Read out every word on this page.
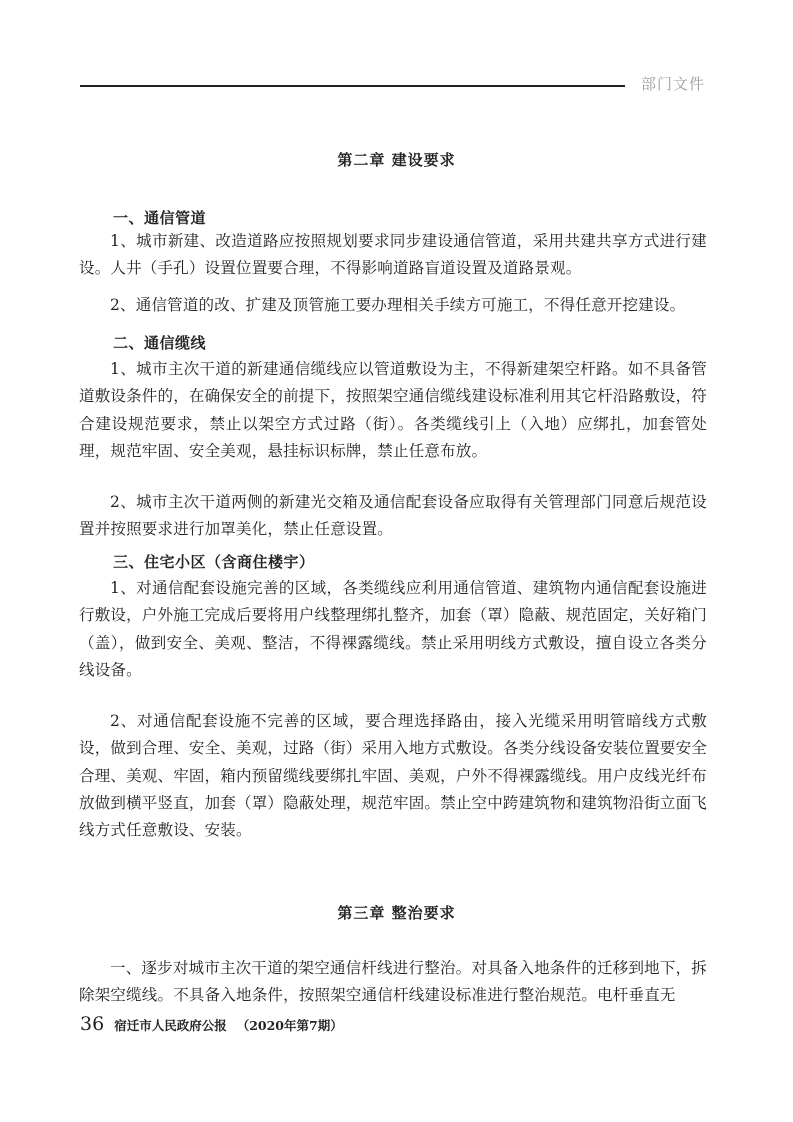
部门文件
第二章 建设要求
一、通信管道

1、城市新建、改造道路应按照规划要求同步建设通信管道，采用共建共享方式进行建设。人井（手孔）设置位置要合理，不得影响道路盲道设置及道路景观。

2、通信管道的改、扩建及顶管施工要办理相关手续方可施工，不得任意开挖建设。

二、通信缆线

1、城市主次干道的新建通信缆线应以管道敷设为主，不得新建架空杆路。如不具备管道敷设条件的，在确保安全的前提下，按照架空通信缆线建设标准利用其它杆沿路敷设，符合建设规范要求，禁止以架空方式过路（街）。各类缆线引上（入地）应绑扎，加套管处理，规范牢固、安全美观，悬挂标识标牌，禁止任意布放。

2、城市主次干道两侧的新建光交箱及通信配套设备应取得有关管理部门同意后规范设置并按照要求进行加罩美化，禁止任意设置。

三、住宅小区（含商住楼宇）

1、对通信配套设施完善的区域，各类缆线应利用通信管道、建筑物内通信配套设施进行敷设，户外施工完成后要将用户线整理绑扎整齐，加套（罩）隐蔽、规范固定，关好箱门（盖），做到安全、美观、整洁，不得裸露缆线。禁止采用明线方式敷设，擅自设立各类分线设备。

2、对通信配套设施不完善的区域，要合理选择路由，接入光缆采用明管暗线方式敷设，做到合理、安全、美观，过路（街）采用入地方式敷设。各类分线设备安装位置要安全合理、美观、牢固，箱内预留缆线要绑扎牢固、美观，户外不得裸露缆线。用户皮线光纤布放做到横平竖直，加套（罩）隐蔽处理，规范牢固。禁止空中跨建筑物和建筑物沿街立面飞线方式任意敷设、安装。

第三章 整治要求

一、逐步对城市主次干道的架空通信杆线进行整治。对具备入地条件的迁移到地下，拆除架空缆线。不具备入地条件，按照架空通信杆线建设标准进行整治规范。电杆垂直无

36 宿迁市人民政府公报 （2020年第7期）
